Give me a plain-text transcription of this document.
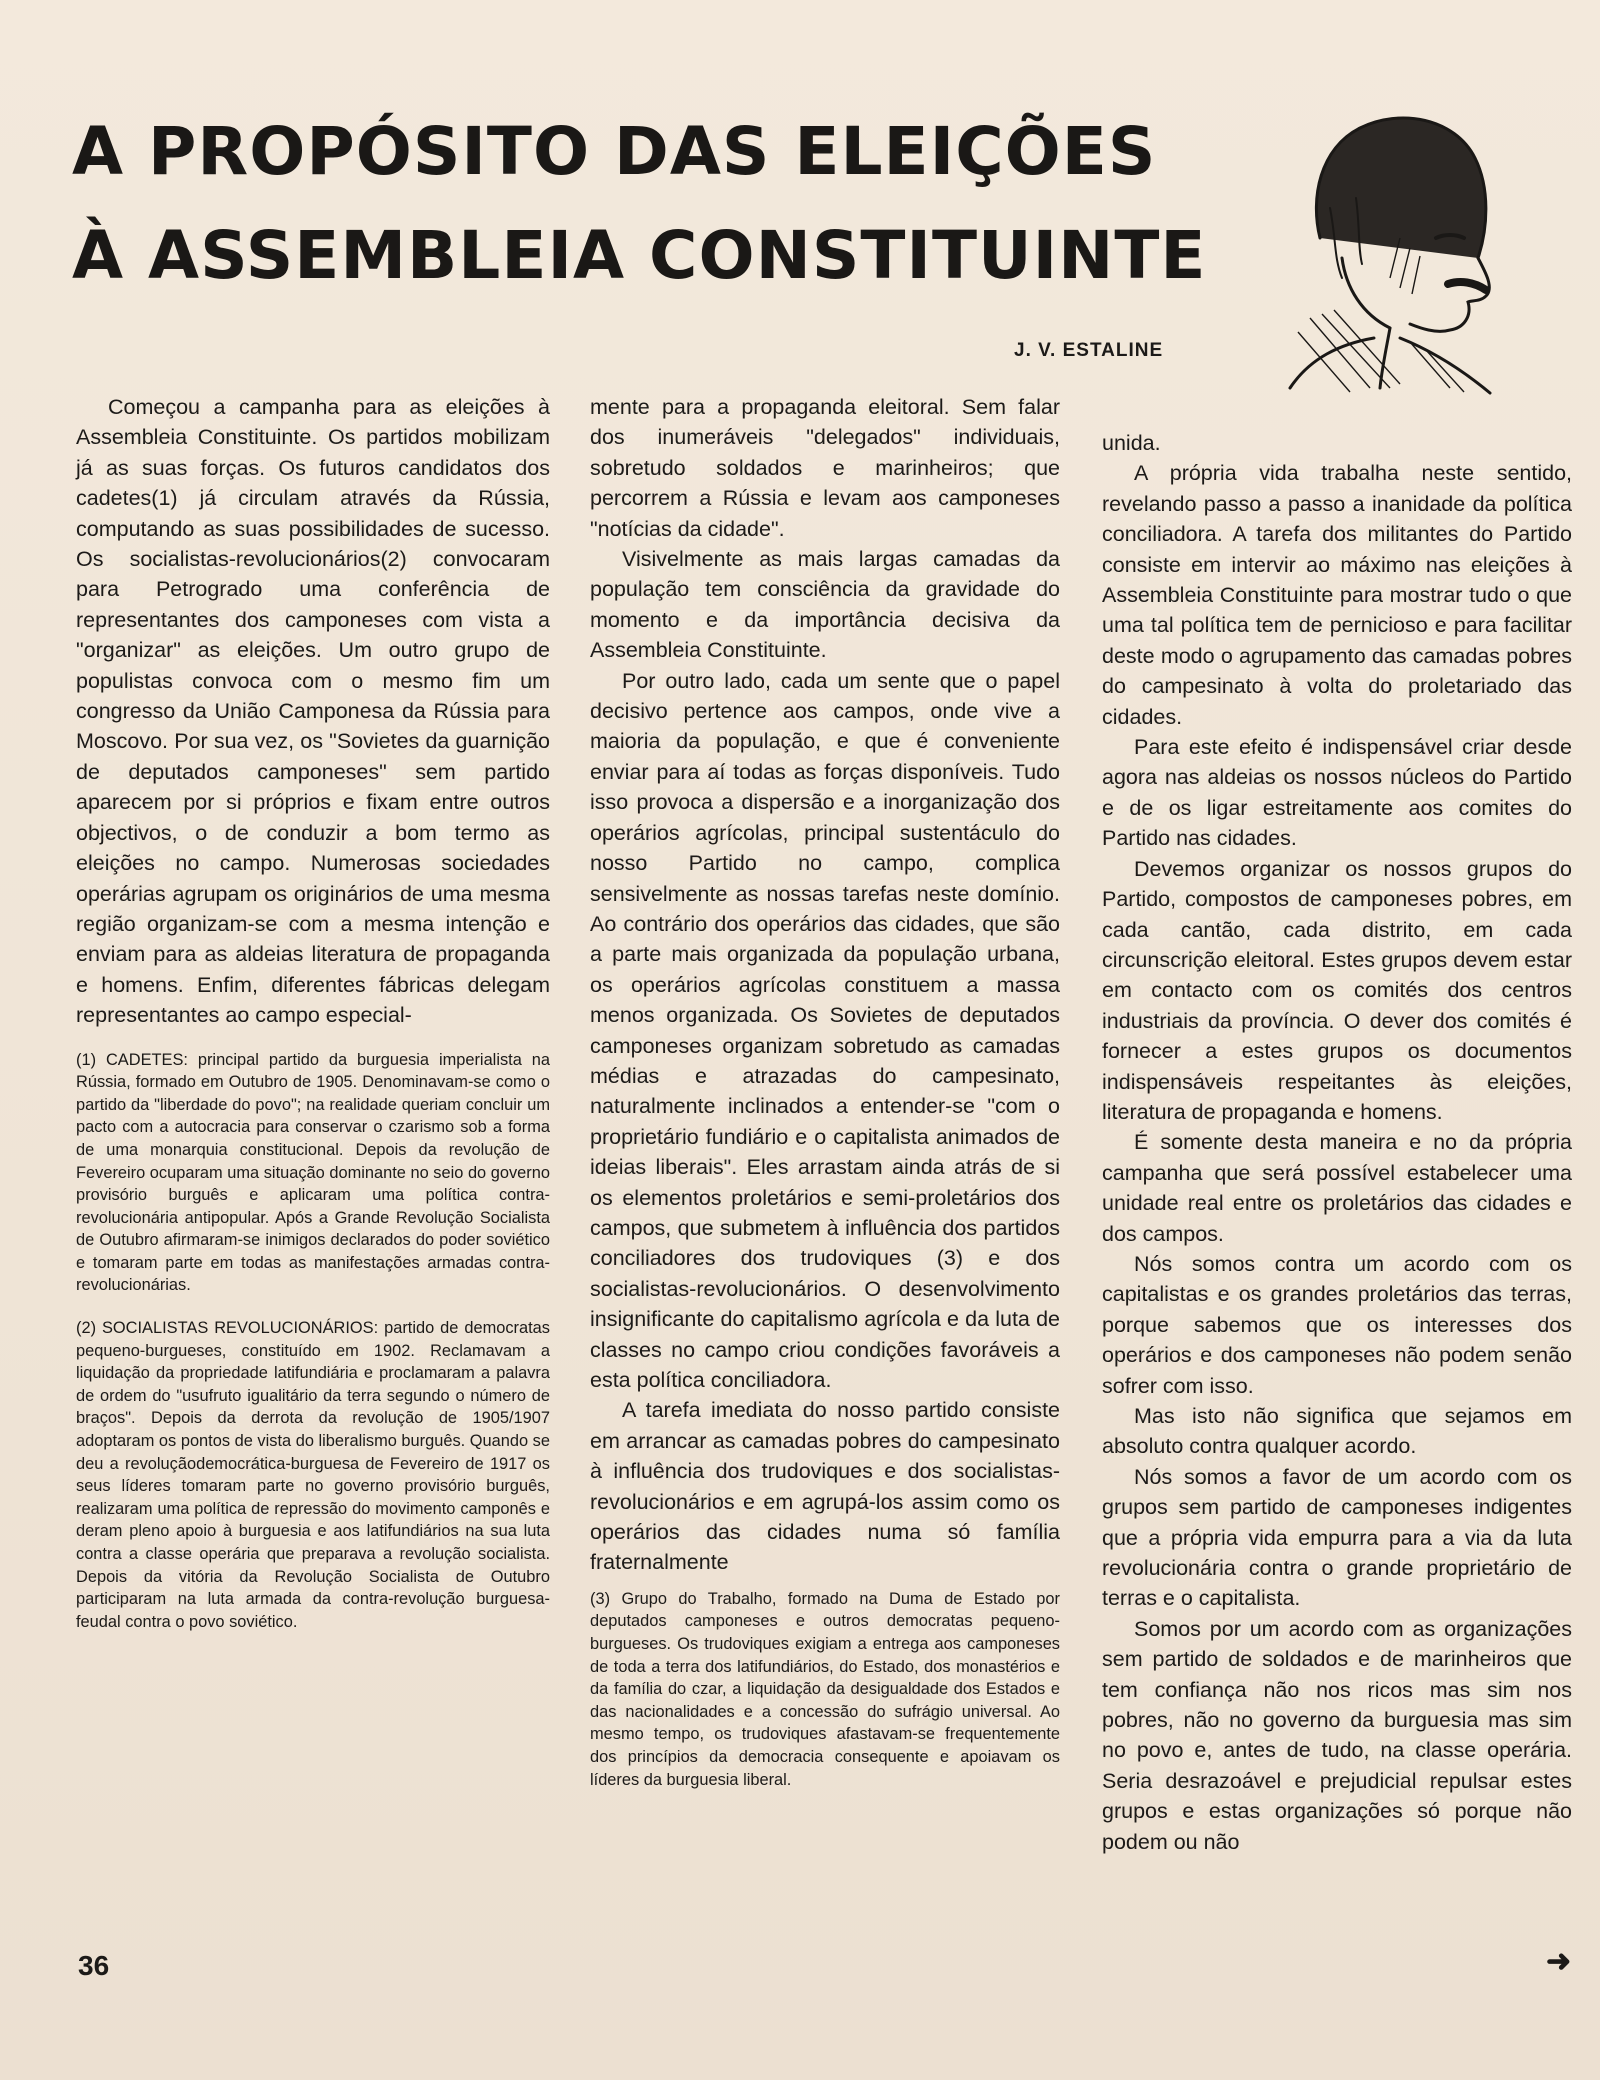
A PROPÓSITO DAS ELEIÇÕES
À ASSEMBLEIA CONSTITUINTE
J. V. ESTALINE

Começou a campanha para as eleições à Assembleia Constituinte. Os partidos mobilizam já as suas forças. Os futuros candidatos dos cadetes(1) já circulam através da Rússia, computando as suas possibilidades de sucesso. Os socialistas-revolucionários(2) convocaram para Petrogrado uma conferência de representantes dos camponeses com vista a "organizar" as eleições. Um outro grupo de populistas convoca com o mesmo fim um congresso da União Camponesa da Rússia para Moscovo. Por sua vez, os "Sovietes da guarnição de deputados camponeses" sem partido aparecem por si próprios e fixam entre outros objectivos, o de conduzir a bom termo as eleições no campo. Numerosas sociedades operárias agrupam os originários de uma mesma região organizam-se com a mesma intenção e enviam para as aldeias literatura de propaganda e homens. Enfim, diferentes fábricas delegam representantes ao campo especial-

(1) CADETES: principal partido da burguesia imperialista na Rússia, formado em Outubro de 1905. Denominavam-se como o partido da "liberdade do povo"; na realidade queriam concluir um pacto com a autocracia para conservar o czarismo sob a forma de uma monarquia constitucional. Depois da revolução de Fevereiro ocuparam uma situação dominante no seio do governo provisório burguês e aplicaram uma política contra-revolucionária antipopular. Após a Grande Revolução Socialista de Outubro afirmaram-se inimigos declarados do poder soviético e tomaram parte em todas as manifestações armadas contra-revolucionárias.

(2) SOCIALISTAS REVOLUCIONÁRIOS: partido de democratas pequeno-burgueses, constituído em 1902. Reclamavam a liquidação da propriedade latifundiária e proclamaram a palavra de ordem do "usufruto igualitário da terra segundo o número de braços". Depois da derrota da revolução de 1905/1907 adoptaram os pontos de vista do liberalismo burguês. Quando se deu a revoluçãodemocrática-burguesa de Fevereiro de 1917 os seus líderes tomaram parte no governo provisório burguês, realizaram uma política de repressão do movimento camponês e deram pleno apoio à burguesia e aos latifundiários na sua luta contra a classe operária que preparava a revolução socialista. Depois da vitória da Revolução Socialista de Outubro participaram na luta armada da contra-revolução burguesa-feudal contra o povo soviético.

mente para a propaganda eleitoral. Sem falar dos inumeráveis "delegados" individuais, sobretudo soldados e marinheiros; que percorrem a Rússia e levam aos camponeses "notícias da cidade".

Visivelmente as mais largas camadas da população tem consciência da gravidade do momento e da importância decisiva da Assembleia Constituinte.

Por outro lado, cada um sente que o papel decisivo pertence aos campos, onde vive a maioria da população, e que é conveniente enviar para aí todas as forças disponíveis. Tudo isso provoca a dispersão e a inorganização dos operários agrícolas, principal sustentáculo do nosso Partido no campo, complica sensivelmente as nossas tarefas neste domínio. Ao contrário dos operários das cidades, que são a parte mais organizada da população urbana, os operários agrícolas constituem a massa menos organizada. Os Sovietes de deputados camponeses organizam sobretudo as camadas médias e atrazadas do campesinato, naturalmente inclinados a entender-se "com o proprietário fundiário e o capitalista animados de ideias liberais". Eles arrastam ainda atrás de si os elementos proletários e semi-proletários dos campos, que submetem à influência dos partidos conciliadores dos trudoviques (3) e dos socialistas-revolucionários. O desenvolvimento insignificante do capitalismo agrícola e da luta de classes no campo criou condições favoráveis a esta política conciliadora.

A tarefa imediata do nosso partido consiste em arrancar as camadas pobres do campesinato à influência dos trudoviques e dos socialistas-revolucionários e em agrupá-los assim como os operários das cidades numa só família fraternalmente

(3) Grupo do Trabalho, formado na Duma de Estado por deputados camponeses e outros democratas pequeno-burgueses. Os trudoviques exigiam a entrega aos camponeses de toda a terra dos latifundiários, do Estado, dos monastérios e da família do czar, a liquidação da desigualdade dos Estados e das nacionalidades e a concessão do sufrágio universal. Ao mesmo tempo, os trudoviques afastavam-se frequentemente dos princípios da democracia consequente e apoiavam os líderes da burguesia liberal.

unida.

A própria vida trabalha neste sentido, revelando passo a passo a inanidade da política conciliadora. A tarefa dos militantes do Partido consiste em intervir ao máximo nas eleições à Assembleia Constituinte para mostrar tudo o que uma tal política tem de pernicioso e para facilitar deste modo o agrupamento das camadas pobres do campesinato à volta do proletariado das cidades.

Para este efeito é indispensável criar desde agora nas aldeias os nossos núcleos do Partido e de os ligar estreitamente aos comites do Partido nas cidades.

Devemos organizar os nossos grupos do Partido, compostos de camponeses pobres, em cada cantão, cada distrito, em cada circunscrição eleitoral. Estes grupos devem estar em contacto com os comités dos centros industriais da província. O dever dos comités é fornecer a estes grupos os documentos indispensáveis respeitantes às eleições, literatura de propaganda e homens.

É somente desta maneira e no da própria campanha que será possível estabelecer uma unidade real entre os proletários das cidades e dos campos.

Nós somos contra um acordo com os capitalistas e os grandes proletários das terras, porque sabemos que os interesses dos operários e dos camponeses não podem senão sofrer com isso.

Mas isto não significa que sejamos em absoluto contra qualquer acordo.

Nós somos a favor de um acordo com os grupos sem partido de camponeses indigentes que a própria vida empurra para a via da luta revolucionária contra o grande proprietário de terras e o capitalista.

Somos por um acordo com as organizações sem partido de soldados e de marinheiros que tem confiança não nos ricos mas sim nos pobres, não no governo da burguesia mas sim no povo e, antes de tudo, na classe operária. Seria desrazoável e prejudicial repulsar estes grupos e estas organizações só porque não podem ou não

36	➜
